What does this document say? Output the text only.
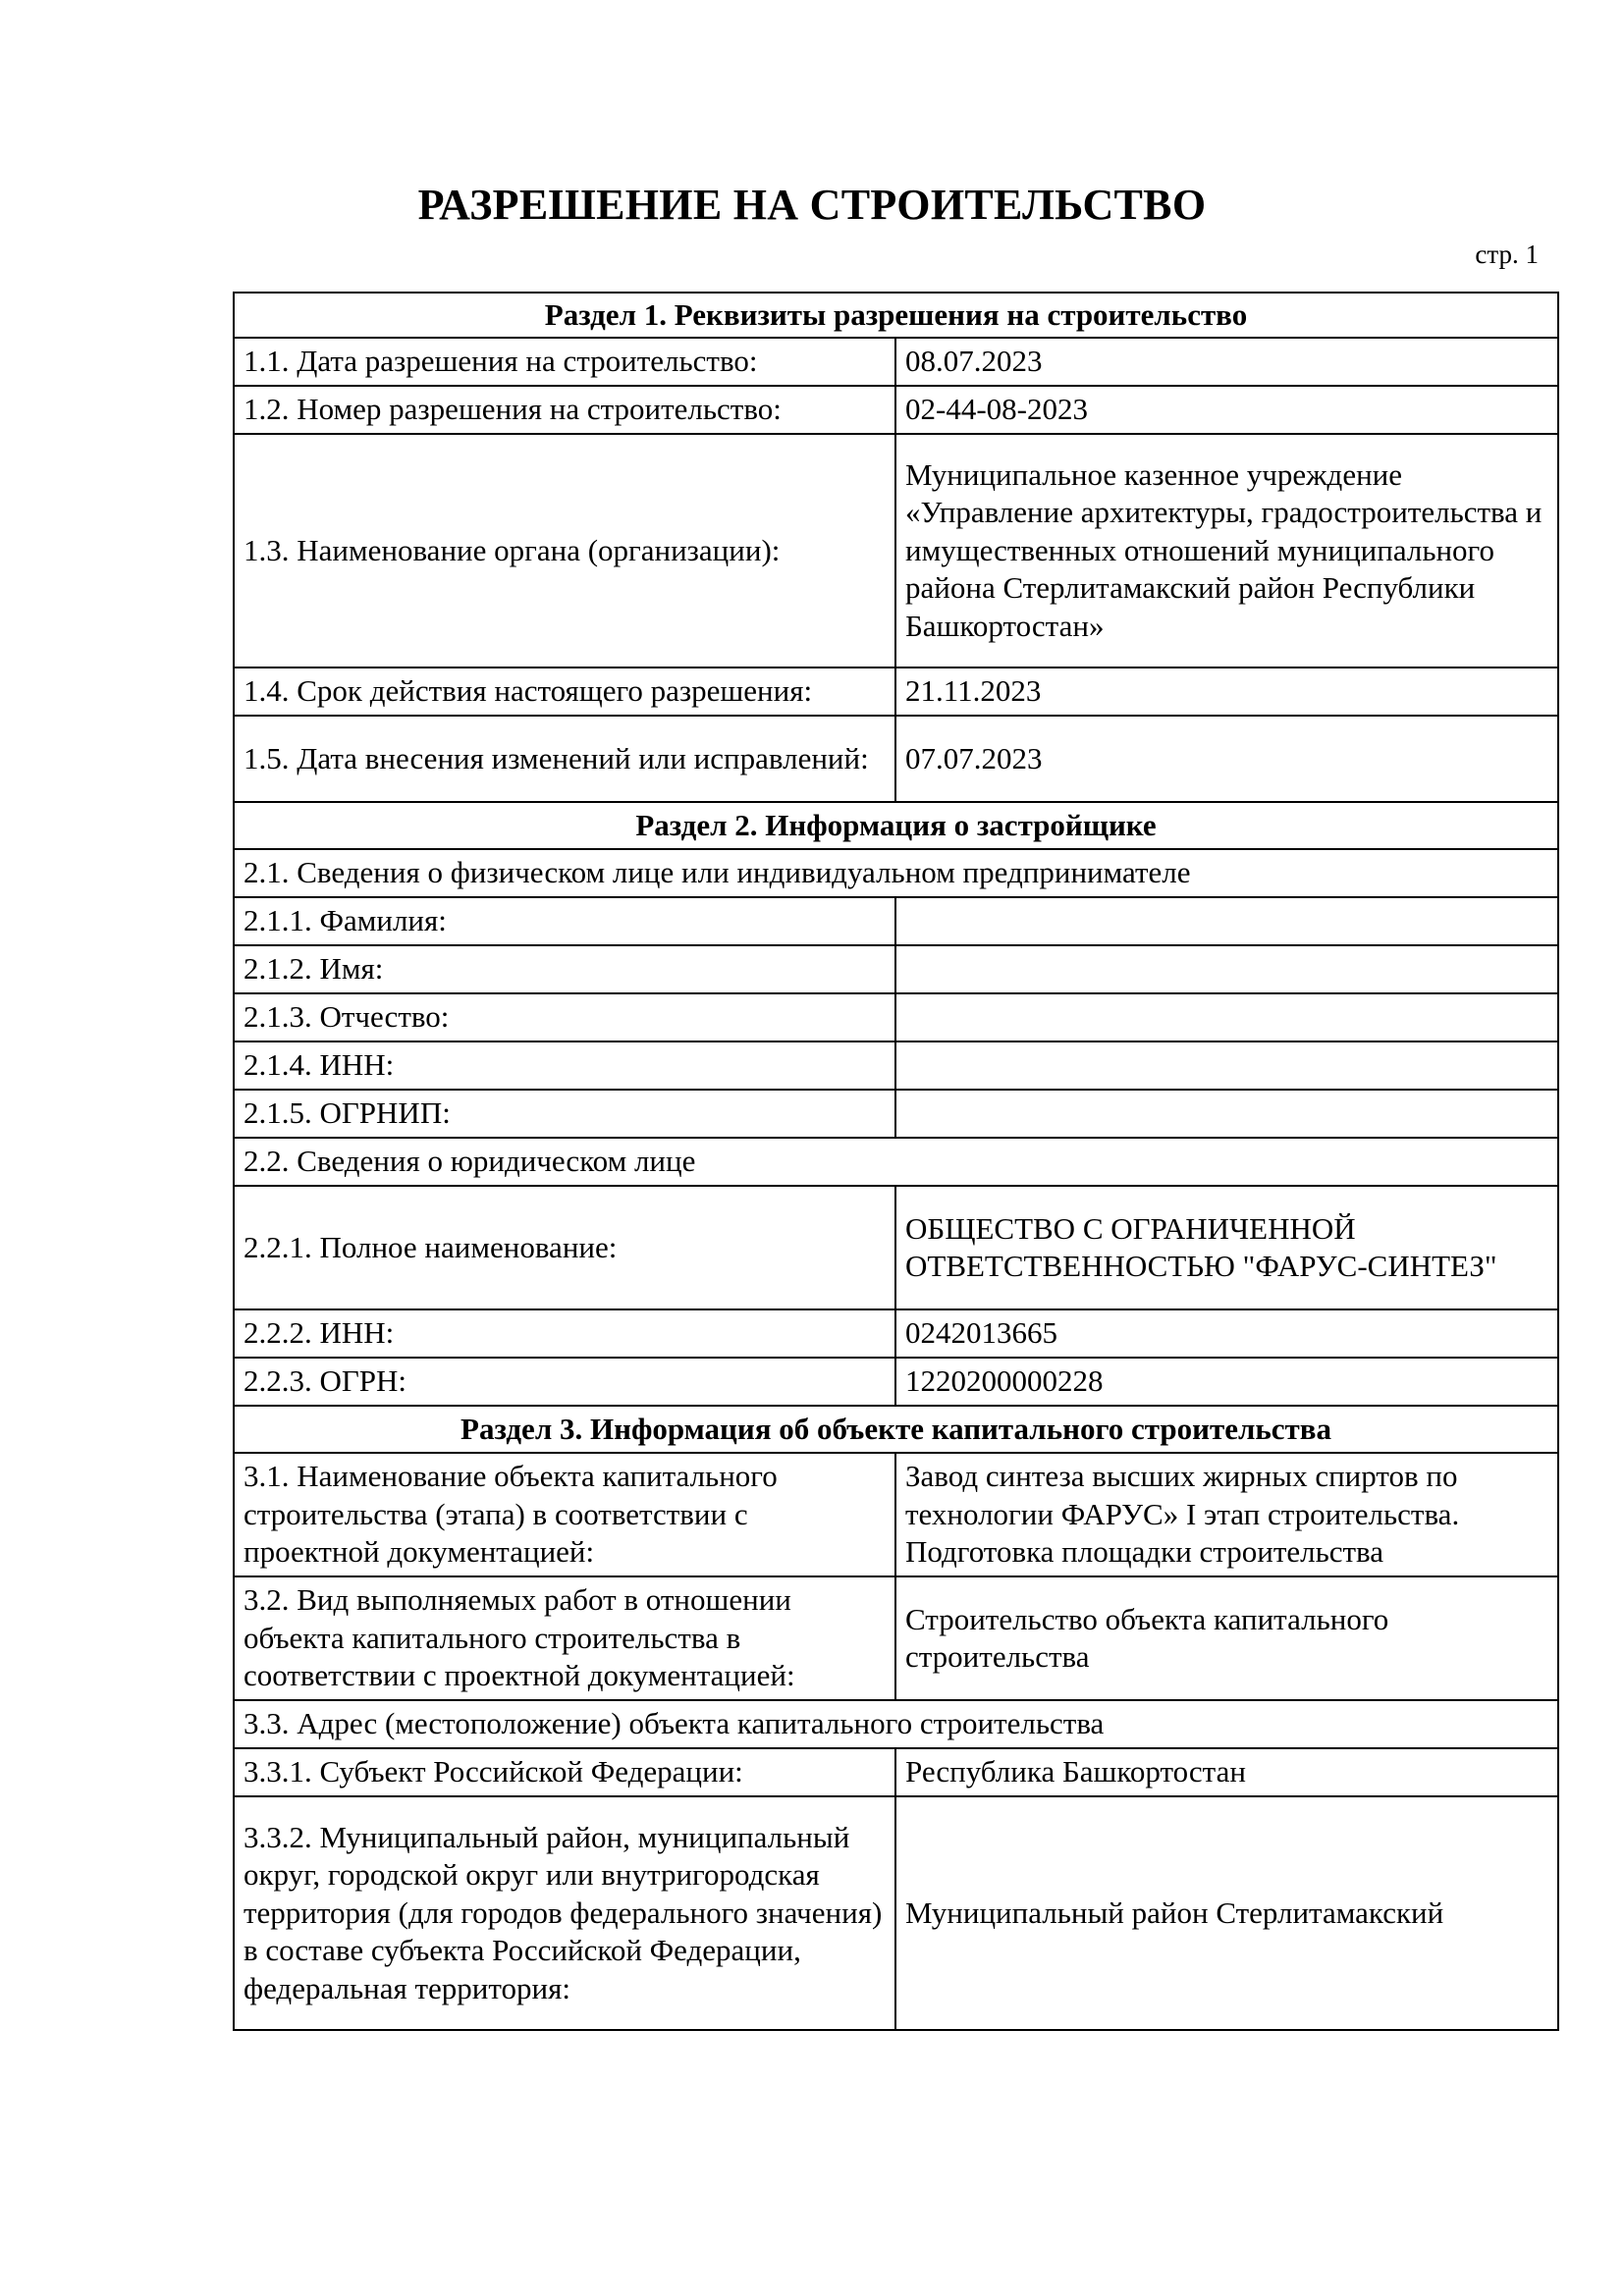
РАЗРЕШЕНИЕ НА СТРОИТЕЛЬСТВО
стр. 1
Раздел 1. Реквизиты разрешения на строительство	
1.1. Дата разрешения на строительство:	08.07.2023
1.2. Номер разрешения на строительство:	02-44-08-2023
1.3. Наименование органа (организации):	Муниципальное казенное учреждение «Управление архитектуры, градостроительства и имущественных отношений муниципального района Стерлитамакский район Республики Башкортостан»
1.4. Срок действия настоящего разрешения:	21.11.2023
1.5. Дата внесения изменений или исправлений:	07.07.2023
Раздел 2. Информация о застройщике	
2.1. Сведения о физическом лице или индивидуальном предпринимателе	
2.1.1. Фамилия:	
2.1.2. Имя:	
2.1.3. Отчество:	
2.1.4. ИНН:	
2.1.5. ОГРНИП:	
2.2. Сведения о юридическом лице	
2.2.1. Полное наименование:	ОБЩЕСТВО С ОГРАНИЧЕННОЙ ОТВЕТСТВЕННОСТЬЮ "ФАРУС-СИНТЕЗ"
2.2.2. ИНН:	0242013665
2.2.3. ОГРН:	1220200000228
Раздел 3. Информация об объекте капитального строительства	
3.1. Наименование объекта капитального строительства (этапа) в соответствии с проектной документацией:	Завод синтеза высших жирных спиртов по технологии ФАРУС» I этап строительства. Подготовка площадки строительства
3.2. Вид выполняемых работ в отношении объекта капитального строительства в соответствии с проектной документацией:	Строительство объекта капитального строительства
3.3. Адрес (местоположение) объекта капитального строительства	
3.3.1. Субъект Российской Федерации:	Республика Башкортостан
3.3.2. Муниципальный район, муниципальный округ, городской округ или внутригородская территория (для городов федерального значения) в составе субъекта Российской Федерации, федеральная территория:	Муниципальный район Стерлитамакский
